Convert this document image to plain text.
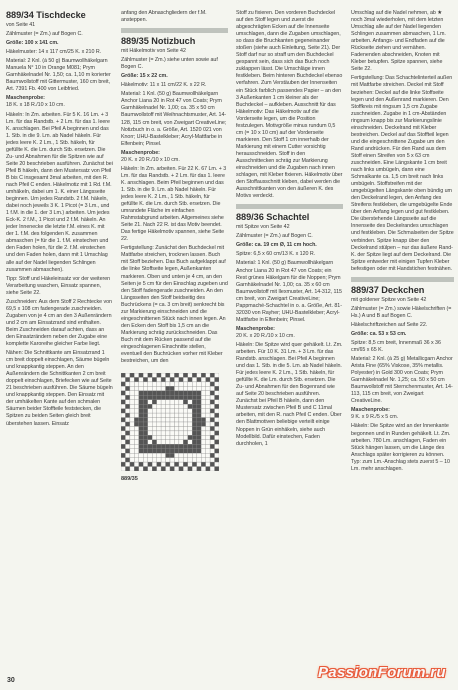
889/34 Tischdecke

von Seite 41

Zählmuster (= Zm.) auf Bogen C.

Größe: 100 x 141 cm.

Häkelmuster: 14 x 117 cm/25 K. x 210 R.

Material: 2 Knl. (á 50 g) Baumwollhäkelgarn Manuela N° 10 in Orange M081; Prym Garnhäkelnadel Nr. 1,50; ca. 1,10 m korierter Baumwollstoff mit Gittermuster, 160 cm breit, Art. 7391 Fb. 400 von Leibfried.

Maschenprobe:

18 K. x 18 R./10 x 10 cm.

Häkeln: In Zm. arbeiten. Für 5 K. 16 Lm. + 3 Lm. für das Randstb. + 2 Lm. für das 1. leere K. anschlagen. Bei Pfeil A beginnen und das 1. Stb. in die 9. Lm. ab Nadel häkeln. Für jedes leere K. 2 Lm., 1 Stb. häkeln, für gefüllte K. die Lm. durch Stb. ersetzen. Die Zu- und Abnahmen für die Spitzen wie auf Seite 20 beschrieben ausführen. Zunächst bei Pfeil B häkeln, dann den Mustersatz von Pfeil B bis C insgesamt 3mal arbeiten, mit den R. nach Pfeil C enden. Häkelmotiz mit 1 Rd. f.M. umhäkeln, dabei um 1. K. einer Längsseite beginnen. Um jedes Randstb. 2 f.M. häkeln, dabei noch jeweils 3 K. 1 Picot (= 3 Lm., und 1 f.M. in die 1. der 3 Lm.) arbeiten. Um jedes Eck-K. 2 f.M., 1 Picot und 2 f.M. häkeln. An jeder Innenecke die letzte f.M. eines K. mit der 1. f.M. des folgenden K. zusammen abmaschen (= für die 1. f.M. einstechen und den Faden holen, für die 2. f.M. einstechen und den Faden holen, dann mit 1 Umschlag alle auf der Nadel liegenden Schlingen zusammen abmaschen).

Tipp: Stoff und Häkeleinsatz vor der weiteren Verarbeitung waschen, Einsatz spannen, siehe Seite 22.

Zuschneiden: Aus dem Stoff 2 Rechtecke von 69,5 x 108 cm fadengerade zuschneiden. Zugaben von je 4 cm an den 3 Außenrändern und 2 cm am Einsatzrand sind enthalten. Beim Zuschneiden darauf achten, dass an den Einsatzrändern neben der Zugabe eine komplette Karoreihe gleicher Farbe liegt.

Nähen: Die Schnittkante am Einsatzrand 1 cm breit doppelt einschlagen, Säume bügeln und knappkantig steppen. An den Außenrändern die Schnittkanten 2 cm breit doppelt einschlagen, Briefecken wie auf Seite 21 beschrieben ausführen. Die Säume bügeln und knappkantig steppen. Den Einsatz mit der umhäkelten Kante auf den schmalen Säumen beider Stoffteile feststecken, die Spitzen zu beiden Seiten gleich breit überstehen lassen. Einsatz

anfang den Abnaschgliedern der f.M. ansteppen.

889/35 Notizbuch

mit Häkelmotiv von Seite 42

Zählmuster (= Zm.) siehe unten sowie auf Bogen C.

Größe: 15 x 22 cm.

Häkelmotiv: 11 x 11 cm/22 K. x 22 R.

Material: 1 Knl. (50 g) Baumwollhäkelgarn Anchor Liana 20 in Rot 47 von Coats; Prym Garnhäkelnadel Nr. 1,00; ca. 35 x 50 cm Baumwollstoff mit Weihnachtsmuster, Art. 14-128, 115 cm breit, von Zweigart CreativeLine; Notizbuch in o. a. Größe, Art. 1520 021 von Knorr; UHU-Bastelkleber; Acryl-Mattfarbe in Elfenbein; Pinsel.

Maschenprobe:

20 K. x 20 R./10 x 10 cm.

Häkeln: In Zm. arbeiten. Für 22 K. 67 Lm. + 3 Lm. für das Randstb. + 2 Lm. für das 1. leere K. anschlagen. Beim Pfeil beginnen und das 1. Stb. in die 9. Lm. ab Nadel häkeln. Für jedes leere K. 2 Lm., 1 Stb. häkeln, für gefüllte K. die Lm. durch Stb. ersetzen. Die umrandete Fläche im einfachen Rahmstabgrund arbeiten. Allgemeines siehe Seite 21. Nach 22 R. ist das Motiv beendet. Das fertige Häkelmotiv spannen, siehe Seite 22.

Fertigstellung: Zunächst den Buchdeckel mit Mattfarbe streichen, trocknen lassen. Buch mit Stoff beziehen. Das Buch aufgeklappt auf die linke Stoffseite legen, Außenkanten markieren. Oben und unten je 4 cm, an den Seiten je 5 cm für den Einschlag zugeben und den Stoff fadengerade zuschneiden. An den Längsseiten den Stoff beidseitig des Buchrückens (= ca. 3 cm breit) senkrecht bis zur Markierung einschneiden und die eingeschnittenen Stück nach innen legen. An den Ecken den Stoff bis 1,5 cm an die Markierung schräg zurückschneiden. Das Buch mit dem Rücken passend auf die eingeschlagenen Einschnitte stellen, eventuell den Buchrücken vorher mit Kleber bestreichen, um den

889/35

Stoff zu fixieren. Den vorderen Buchdeckel auf den Stoff legen und zuerst die abgeschrägten Ecken auf die Innenseite umschlagen, dann die Zugaben umschlagen, so dass die Bruchkanten gegeneinander stoßen (siehe auch Einleitung, Seite 21). Der Stoff darf nur so straff um den Buchdeckel gespannt sein, dass sich das Buch noch zuklappen lässt. Die Umschläge innen festkleben. Beim hinteren Buchdeckel ebenso verfahren. Zum Verstäuben der Innenseiten ein Stück farblich passendes Papier – an den 3 Außenkanten 1 cm kleiner als der Buchdeckel – aufkleben. Ausschnitt für das Häkelmotiv: Das Häkelmotiv auf die Vorderseite legen, um die Position festzulegen. Motivgröße minus rundum 0,5 cm (= 10 x 10 cm) auf der Vorderseite markieren. Den Stoff 1 cm innerhalb der Markierung mit einem Cutter vorsichtig herausschneiden. Stoff in den Ausschnittecken schräg zur Markierung einschneiden und die Zugaben nach innen schlagen, mit Kleber fixieren. Häkelmotiv über den Stoffausschnitt kleben, dabei werden die Ausschnittkanten von den äußeren K. des Motivs verdeckt.

889/36 Schachtel

mit Spitze von Seite 42

Zählmuster (= Zm.) auf Bogen C.

Größe: ca. 19 cm Ø, 11 cm hoch.

Spitze: 6,5 x 60 cm/13 K. x 120 R.

Material: 1 Knl. (50 g) Baumwollhäkelgarn Anchor Liana 20 in Rot 47 von Coats; ein Rest grünes Häkelgarn für die Noppen; Prym Garnhäkelnadel Nr. 1,00; ca. 35 x 60 cm Baumwollstoff mit Ilexmuster, Art. 14-312, 115 cm breit, von Zweigart CreativeLine; Pappmaché-Schachtel in o. a. Größe, Art. 81-32030 von Rayher; UHU-Bastelkleber; Acryl-Mattfarbe in Elfenbein; Pinsel.

Maschenprobe:

20 K. x 20 R./10 x 10 cm.

Häkeln: Die Spitze wird quer gehäkelt. Lt. Zm. arbeiten. Für 10 K. 31 Lm. + 3 Lm. für das Randstb. anschlagen. Bei Pfeil A beginnen und das 1. Stb. in die 5. Lm. ab Nadel häkeln. Für jedes leere K. 2 Lm., 1 Stb. häkeln, für gefüllte K. die Lm. durch Stb. ersetzen. Die Zu- und Abnahmen für den Bogenrand wie auf Seite 20 beschrieben ausführen. Zunächst bei Pfeil B häkeln, dann den Mustersatz zwischen Pfeil B und C 11mal arbeiten, mit den R. nach Pfeil C enden. Über den Blattmotiven beliebige verteilt einige Noppen in Grün einhäkeln, siehe auch Modellbild. Dafür einstechen, Faden durchholen, 1

Umschlag auf die Nadel nehmen, ab ★ noch 3mal wiederholen, mit dem letzten Umschlag alle auf der Nadel liegenden Schlingen zusammen abmaschen, 1 Lm. arbeiten. Anfangs- und Endfaden auf die Rückseite ziehen und vernähen. Fadenenden abschneiden, Knoten mit Kleber betupfen. Spitze spannen, siehe Seite 22.

Fertigstellung: Das Schachtelinterteil außen mit Mattfarbe streichen. Deckel mit Stoff beziehen: Deckel auf die linke Stoffseite legen und den Außenrand markieren. Den Stoffkreis mit ringsum 1,5 cm Zugabe zuschneiden. Zugabe in 1 cm-Abständen ringsum knapp bis zur Markierungslinie einschneiden. Deckelrand mit Kleber bestreichen. Deckel auf das Stoffteil legen und die eingeschnittene Zugabe um den Rand andrücken. Für den Rand aus dem Stoff einen Streifen von 5 x 63 cm zuschneiden. Eine Längskante 1 cm breit nach links umbügeln, dann eine Schmalkante ca. 1,5 cm breit nach links umbügeln. Stoffstreifen mit der umgebügelten Längskante oben bündig um den Deckelrand legen, den Anfang des Streifens festkleben, die umgebügelte Ende über den Anfang legen und gut festkleben. Die überstehende Längsseite auf die Innenseite des Deckelrandes umschlagen und festkleben. Die Schmalseiten der Spitze verbinden. Spitze knapp über den Deckelrand stülpen – nur das äußere Rand-K. der Spitze liegt auf dem Deckelrand. Die Spitze entweder mit einigen Tupfen Kleber befestigen oder mit Handstichen festnähen.

889/37 Deckchen

mit goldener Spitze von Seite 42

Zählmuster (= Zm.) sowie Häkelschriften (= Hs.) A und B auf Bogen C.

Häkelschriftzeichen auf Seite 22.

Größe: ca. 53 x 53 cm.

Spitze: 8,5 cm breit, Innenmaß 36 x 36 cm/65 x 65 K.

Material: 2 Knl. (á 25 g) Metallicgarn Anchor Arista Fine (65% Viskose, 35% metallis. Polyester) in Gold 300 von Coats; Prym Garnhäkelnadel Nr. 1,25; ca. 50 x 50 cm Baumwollstoff mit Sternchenmuster, Art. 14-113, 115 cm breit, von Zweigart CreativeLine.

Maschenprobe:

9 K. x 9 R./5 x 5 cm.

Häkeln: Die Spitze wird an der Innenkante begonnen und in Runden gehäkelt. Lt. Zm. arbeiten. 780 Lm. anschlagen, Faden ein Stück hängen lassen, um die Länge des Anschlags später korrigieren zu können. Typ: zum Lm.-Anschlag stets zuerst 5 – 10 Lm. mehr anschlagen.

30	PassionForum.ru
